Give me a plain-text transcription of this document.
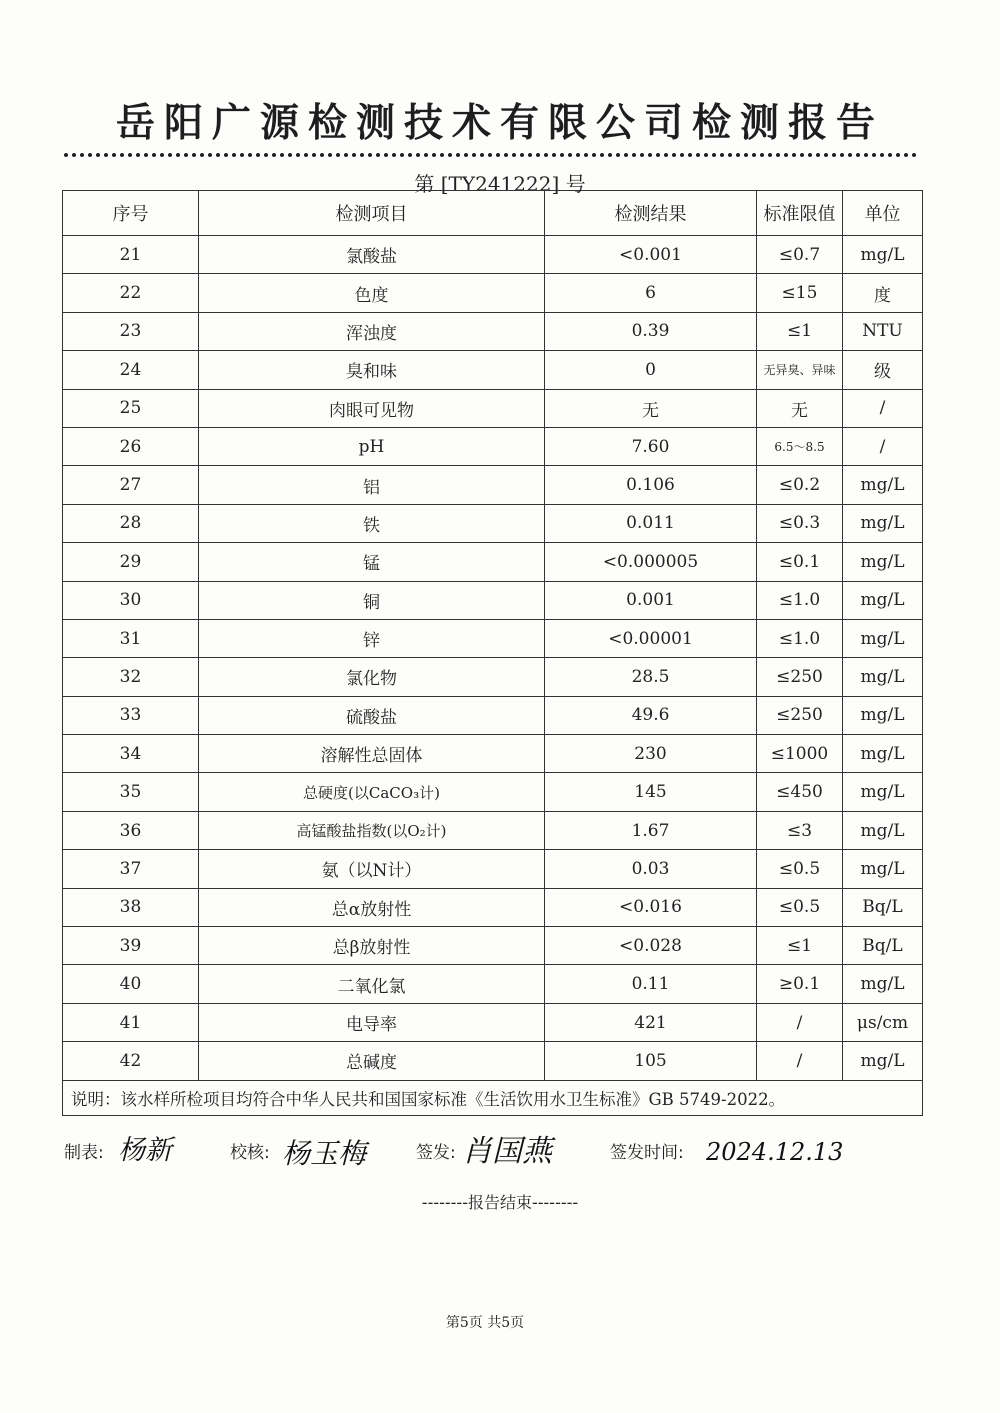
岳阳广源检测技术有限公司检测报告
第 [TY241222] 号
序号	检测项目	检测结果	标准限值	单位
21	氯酸盐	<0.001	≤0.7	mg/L
22	色度	6	≤15	度
23	浑浊度	0.39	≤1	NTU
24	臭和味	0	无异臭、异味	级
25	肉眼可见物	无	无	/
26	pH	7.60	6.5～8.5	/
27	铝	0.106	≤0.2	mg/L
28	铁	0.011	≤0.3	mg/L
29	锰	<0.000005	≤0.1	mg/L
30	铜	0.001	≤1.0	mg/L
31	锌	<0.00001	≤1.0	mg/L
32	氯化物	28.5	≤250	mg/L
33	硫酸盐	49.6	≤250	mg/L
34	溶解性总固体	230	≤1000	mg/L
35	总硬度(以CaCO₃计)	145	≤450	mg/L
36	高锰酸盐指数(以O₂计)	1.67	≤3	mg/L
37	氨（以N计）	0.03	≤0.5	mg/L
38	总α放射性	<0.016	≤0.5	Bq/L
39	总β放射性	<0.028	≤1	Bq/L
40	二氧化氯	0.11	≥0.1	mg/L
41	电导率	421	/	μs/cm
42	总碱度	105	/	mg/L
说明：该水样所检项目均符合中华人民共和国国家标准《生活饮用水卫生标准》GB 5749-2022。				
制表: 杨新	校核: 杨玉梅	签发: 肖国燕	签发时间: 2024.12.13
--------报告结束--------
第5页 共5页
